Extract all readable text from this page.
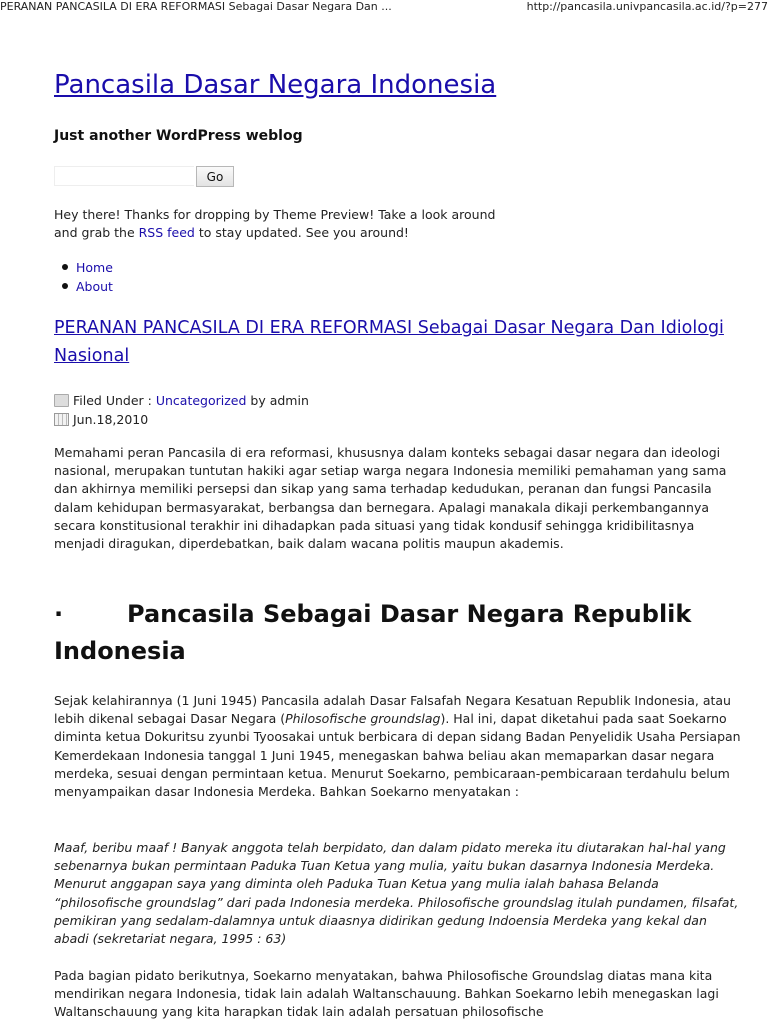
PERANAN PANCASILA DI ERA REFORMASI Sebagai Dasar Negara Dan ...	http://pancasila.univpancasila.ac.id/?p=277
Pancasila Dasar Negara Indonesia
Just another WordPress weblog
Go
Hey there! Thanks for dropping by Theme Preview! Take a look around and grab the RSS feed to stay updated. See you around!
Home
About
PERANAN PANCASILA DI ERA REFORMASI Sebagai Dasar Negara Dan Idiologi Nasional
Filed Under :
Uncategorized
by admin
Jun.18,2010

Memahami peran Pancasila di era reformasi, khususnya dalam konteks sebagai dasar negara dan ideologi nasional, merupakan tuntutan hakiki agar setiap warga negara Indonesia memiliki pemahaman yang sama dan akhirnya memiliki persepsi dan sikap yang sama terhadap kedudukan, peranan dan fungsi Pancasila dalam kehidupan bermasyarakat, berbangsa dan bernegara. Apalagi manakala dikaji perkembangannya secara konstitusional terakhir ini dihadapkan pada situasi yang tidak kondusif sehingga kridibilitasnya menjadi diragukan, diperdebatkan, baik dalam wacana politis maupun akademis.

·	Pancasila Sebagai Dasar Negara Republik Indonesia

Sejak kelahirannya (1 Juni 1945) Pancasila adalah Dasar Falsafah Negara Kesatuan Republik Indonesia, atau lebih dikenal sebagai Dasar Negara (Philosofische groundslag). Hal ini, dapat diketahui pada saat Soekarno diminta ketua Dokuritsu zyunbi Tyoosakai untuk berbicara di depan sidang Badan Penyelidik Usaha Persiapan Kemerdekaan Indonesia tanggal 1 Juni 1945, menegaskan bahwa beliau akan memaparkan dasar negara merdeka, sesuai dengan permintaan ketua. Menurut Soekarno, pembicaraan-pembicaraan terdahulu belum menyampaikan dasar Indonesia Merdeka. Bahkan Soekarno menyatakan :

Maaf, beribu maaf ! Banyak anggota telah berpidato, dan dalam pidato mereka itu diutarakan hal-hal yang sebenarnya bukan permintaan Paduka Tuan Ketua yang mulia, yaitu bukan dasarnya Indonesia Merdeka. Menurut anggapan saya yang diminta oleh Paduka Tuan Ketua yang mulia ialah bahasa Belanda “philosofische groundslag” dari pada Indonesia merdeka. Philosofische groundslag itulah pundamen, filsafat, pemikiran yang sedalam-dalamnya untuk diaasnya didirikan gedung Indoensia Merdeka yang kekal dan abadi (sekretariat negara, 1995 : 63)

Pada bagian pidato berikutnya, Soekarno menyatakan, bahwa Philosofische Groundslag diatas mana kita mendirikan negara Indonesia, tidak lain adalah Waltanschauung. Bahkan Soekarno lebih menegaskan lagi Waltanschauung yang kita harapkan tidak lain adalah persatuan philosofische
